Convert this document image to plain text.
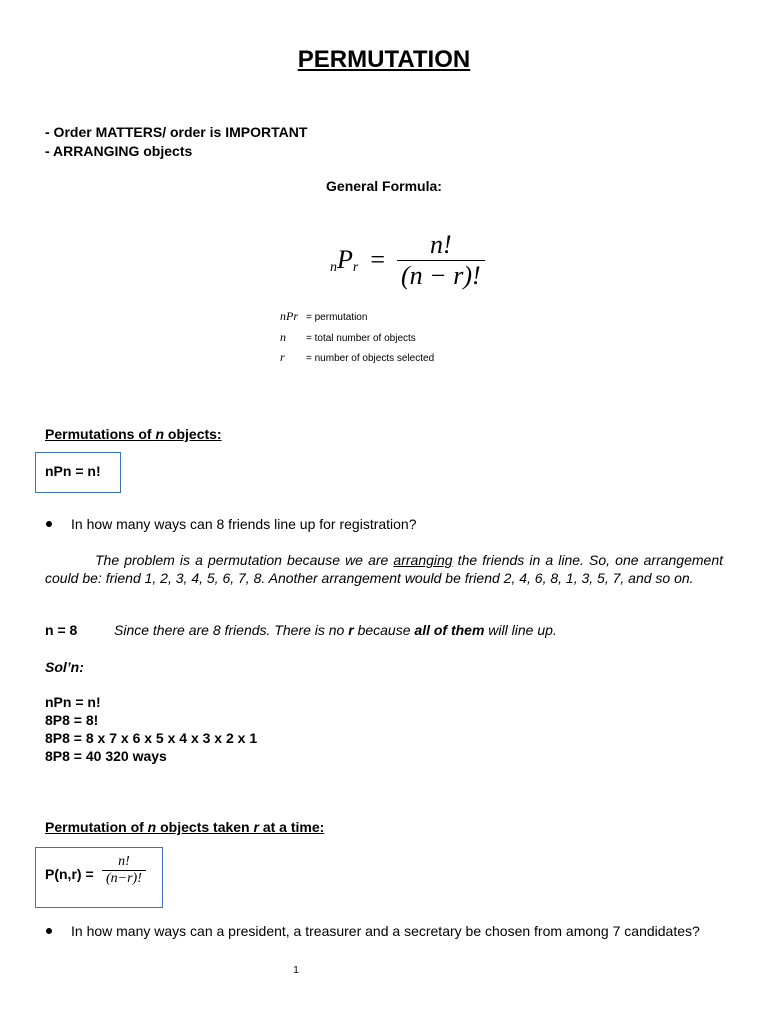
PERMUTATION
- Order MATTERS/ order is IMPORTANT
- ARRANGING objects
General Formula:
n P $r = \frac{n!}{(n - r)!}$
nPr = permutation
n = total number of objects
r = number of objects selected
Permutations of n objects:
nPn = n!
In how many ways can 8 friends line up for registration?
The problem is a permutation because we are arranging the friends in a line. So, one arrangement could be: friend 1, 2, 3, 4, 5, 6, 7, 8. Another arrangement would be friend 2, 4, 6, 8, 1, 3, 5, 7, and so on.
n = 8	Since there are 8 friends. There is no r because all of them will line up.
Sol’n:
nPn = n!
8P8 = 8!
8P8 = 8 x 7 x 6 x 5 x 4 x 3 x 2 x 1
8P8 = 40 320 ways
Permutation of n objects taken r at a time:
$P(n,r) = \frac{n!}{(n-r)!}$
In how many ways can a president, a treasurer and a secretary be chosen from among 7 candidates?
1
